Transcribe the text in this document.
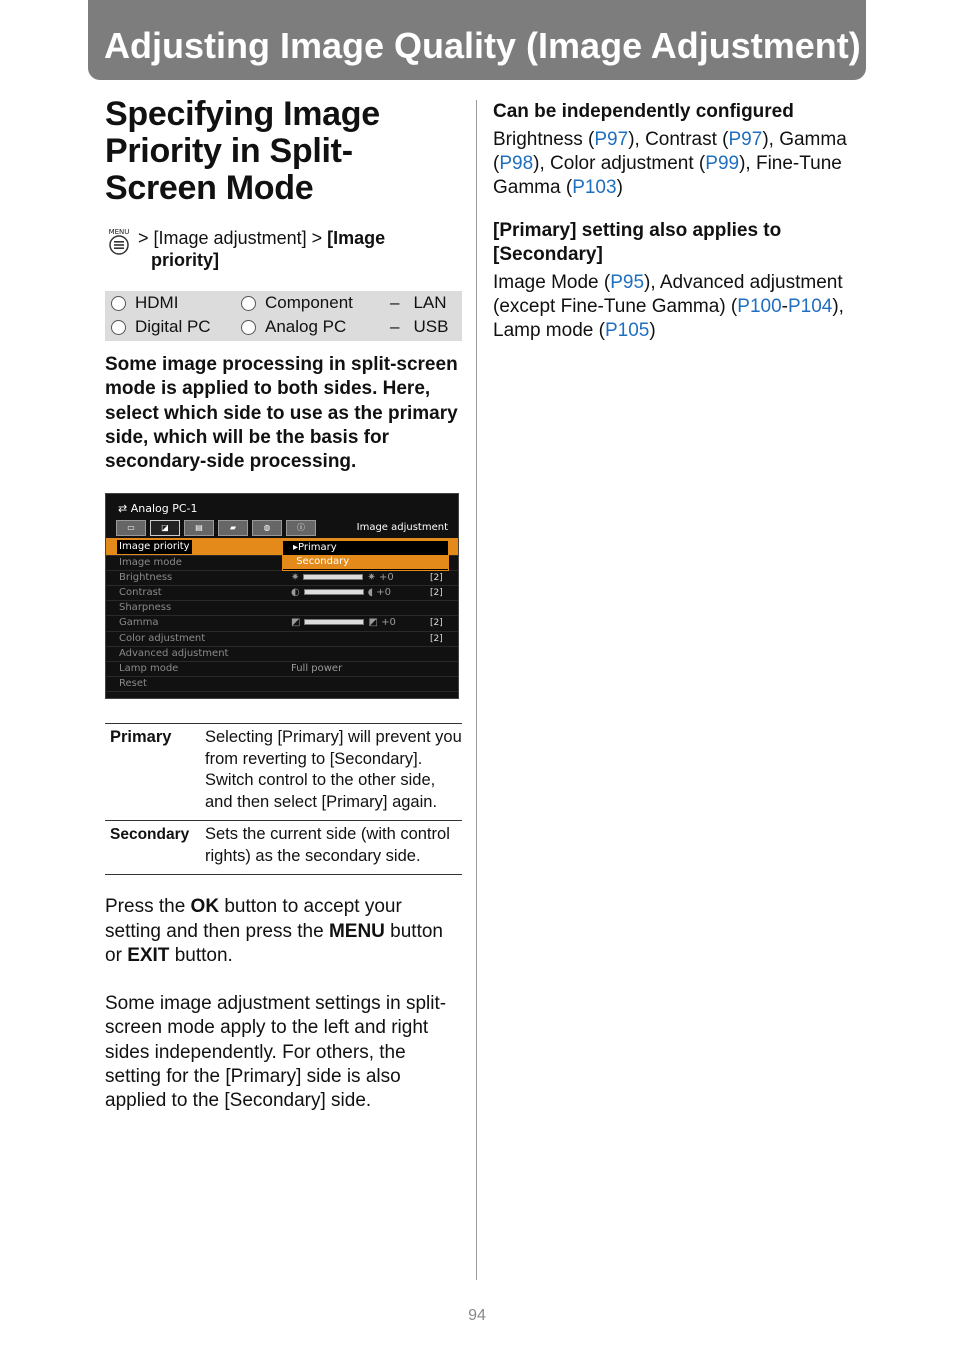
Adjusting Image Quality (Image Adjustment)
Specifying Image Priority in Split-Screen Mode
MENU > [Image adjustment] > [Image
priority]
HDMI	Component – LAN
Digital PC	Analog PC	– USB

Some image processing in split-screen mode is applied to both sides. Here, select which side to use as the primary side, which will be the basis for secondary-side processing.

⇄ Analog PC-1
▭	◪	▤	▰	◍	ⓘ	Image adjustment
Image priority
Image mode
Brightness	✷	✷ +0	[2]
Contrast	◐	◖ +0	[2]
Sharpness
Gamma	◩	◩ +0	[2]
Color adjustment	[2]
Advanced adjustment
Lamp mode	Full power
Reset
▸Primary
Secondary
Primary	Selecting [Primary] will prevent you from reverting to [Secondary]. Switch control to the other side, and then select [Primary] again.
Secondary	Sets the current side (with control rights) as the secondary side.

Press the OK button to accept your setting and then press the MENU button or EXIT button.

Some image adjustment settings in split-screen mode apply to the left and right sides independently. For others, the setting for the [Primary] side is also applied to the [Secondary] side.

Can be independently configured

Brightness (P97), Contrast (P97), Gamma (P98), Color adjustment (P99), Fine-Tune Gamma (P103)

[Primary] setting also applies to [Secondary]

Image Mode (P95), Advanced adjustment (except Fine-Tune Gamma) (P100-P104), Lamp mode (P105)

94
